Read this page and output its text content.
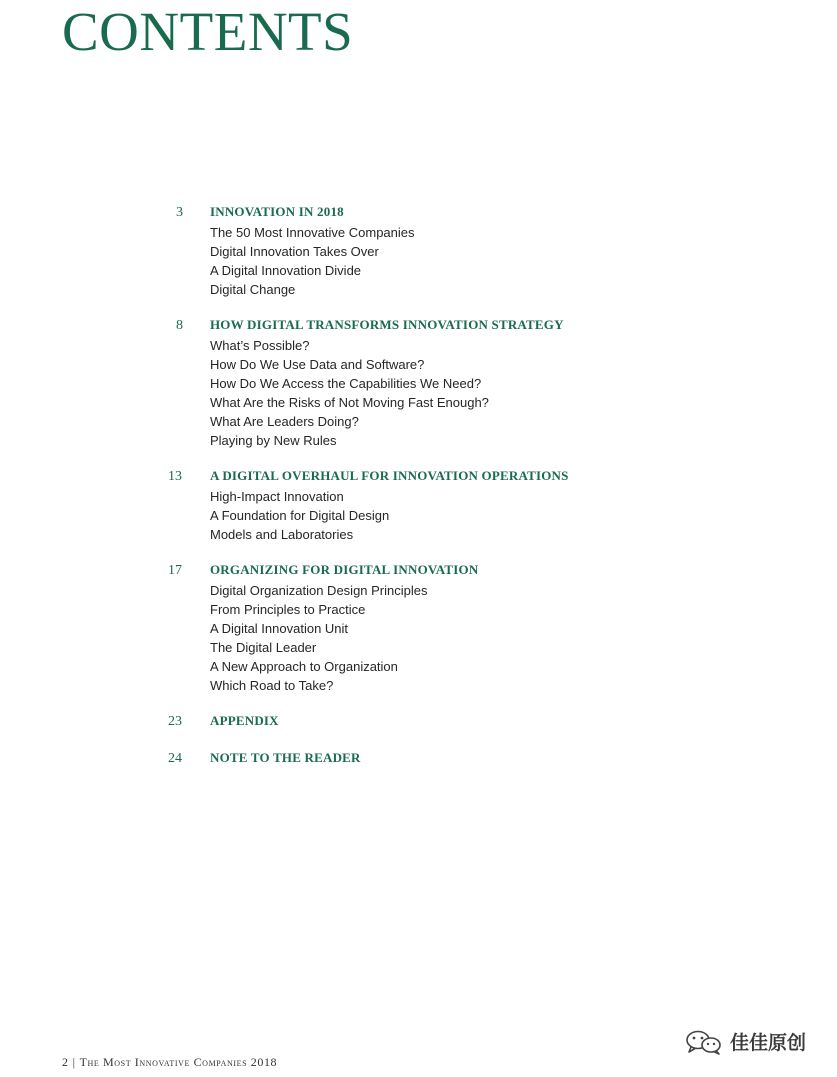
CONTENTS
3	INNOVATION IN 2018
The 50 Most Innovative Companies
Digital Innovation Takes Over
A Digital Innovation Divide
Digital Change
8	HOW DIGITAL TRANSFORMS INNOVATION STRATEGY
What’s Possible?
How Do We Use Data and Software?
How Do We Access the Capabilities We Need?
What Are the Risks of Not Moving Fast Enough?
What Are Leaders Doing?
Playing by New Rules
13	A DIGITAL OVERHAUL FOR INNOVATION OPERATIONS
High-Impact Innovation
A Foundation for Digital Design
Models and Laboratories
17	ORGANIZING FOR DIGITAL INNOVATION
Digital Organization Design Principles
From Principles to Practice
A Digital Innovation Unit
The Digital Leader
A New Approach to Organization
Which Road to Take?
23	APPENDIX
24	NOTE TO THE READER
2 | The Most Innovative Companies 2018
佳佳原创
